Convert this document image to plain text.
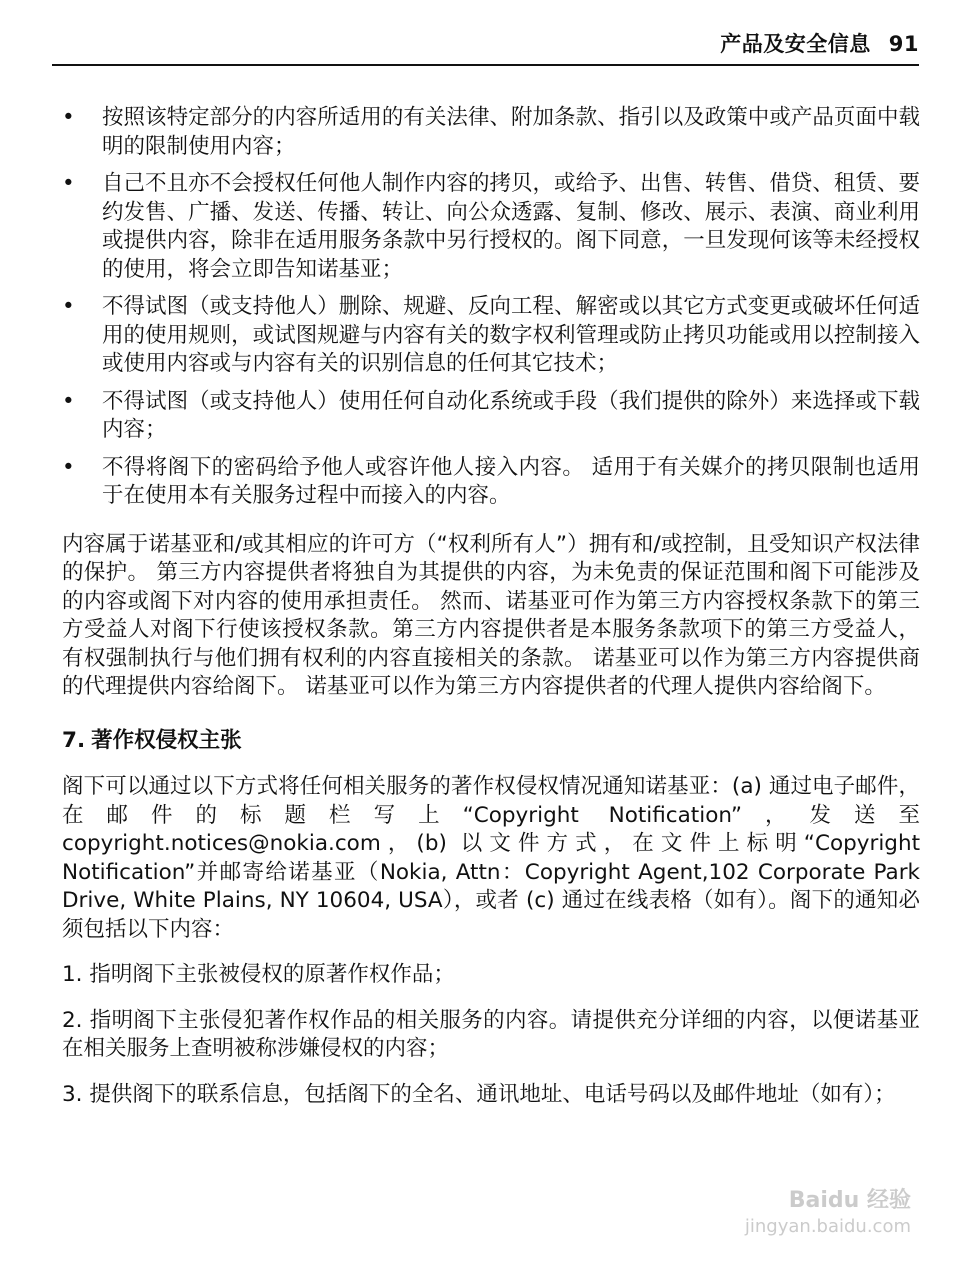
产品及安全信息 91
• 按照该特定部分的内容所适用的有关法律、附加条款、指引以及政策中或产品页面中载明的限制使用内容；
• 自己不且亦不会授权任何他人制作内容的拷贝，或给予、出售、转售、借贷、租赁、要约发售、广播、发送、传播、转让、向公众透露、复制、修改、展示、表演、商业利用或提供内容，除非在适用服务条款中另行授权的。阁下同意，一旦发现何该等未经授权的使用，将会立即告知诺基亚；
• 不得试图（或支持他人）删除、规避、反向工程、解密或以其它方式变更或破坏任何适用的使用规则，或试图规避与内容有关的数字权利管理或防止拷贝功能或用以控制接入或使用内容或与内容有关的识别信息的任何其它技术；
• 不得试图（或支持他人）使用任何自动化系统或手段（我们提供的除外）来选择或下载内容；
• 不得将阁下的密码给予他人或容许他人接入内容。 适用于有关媒介的拷贝限制也适用于在使用本有关服务过程中而接入的内容。

内容属于诺基亚和/或其相应的许可方（“权利所有人”）拥有和/或控制，且受知识产权法律的保护。 第三方内容提供者将独自为其提供的内容，为未免责的保证范围和阁下可能涉及的内容或阁下对内容的使用承担责任。 然而、诺基亚可作为第三方内容授权条款下的第三方受益人对阁下行使该授权条款。第三方内容提供者是本服务条款项下的第三方受益人，有权强制执行与他们拥有权利的内容直接相关的条款。 诺基亚可以作为第三方内容提供商的代理提供内容给阁下。 诺基亚可以作为第三方内容提供者的代理人提供内容给阁下。

7. 著作权侵权主张

阁下可以通过以下方式将任何相关服务的著作权侵权情况通知诺基亚：(a) 通过电子邮件，在邮件的标题栏写上“Copyright Notification”，发送至 copyright.notices@nokia.com，(b) 以文件方式，在文件上标明“Copyright Notification”并邮寄给诺基亚（Nokia, Attn：Copyright Agent,102 Corporate Park Drive, White Plains, NY 10604, USA），或者 (c) 通过在线表格（如有）。阁下的通知必须包括以下内容：

1. 指明阁下主张被侵权的原著作权作品；

2. 指明阁下主张侵犯著作权作品的相关服务的内容。请提供充分详细的内容，以便诺基亚在相关服务上查明被称涉嫌侵权的内容；

3. 提供阁下的联系信息，包括阁下的全名、通讯地址、电话号码以及邮件地址（如有）；

Baidu 经验
jingyan.baidu.com
